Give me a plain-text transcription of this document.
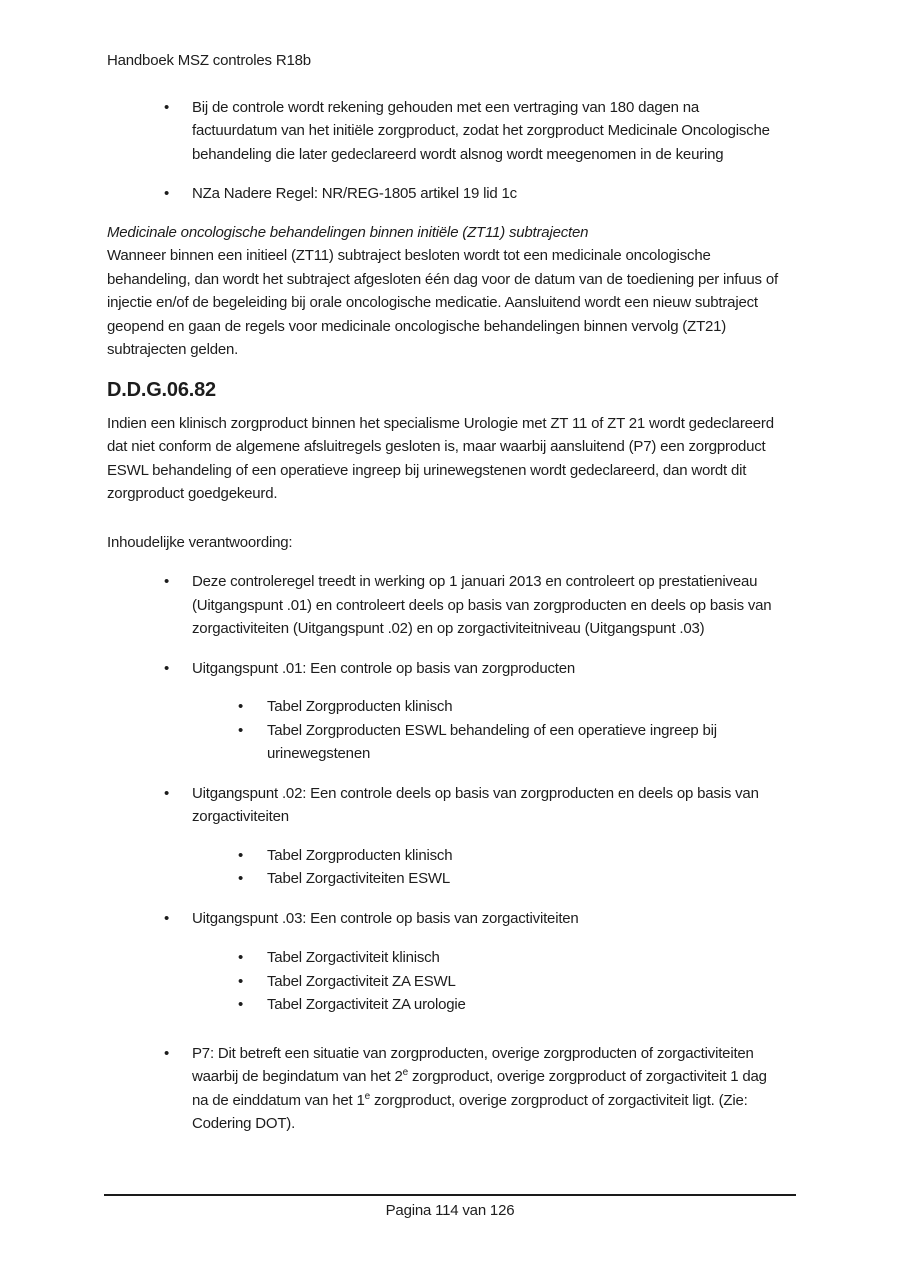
Handboek MSZ controles R18b
• Bij de controle wordt rekening gehouden met een vertraging van 180 dagen na factuurdatum van het initiële zorgproduct, zodat het zorgproduct Medicinale Oncologische behandeling die later gedeclareerd wordt alsnog wordt meegenomen in de keuring
• NZa Nadere Regel: NR/REG-1805 artikel 19 lid 1c
Medicinale oncologische behandelingen binnen initiële (ZT11) subtrajecten
Wanneer binnen een initieel (ZT11) subtraject besloten wordt tot een medicinale oncologische behandeling, dan wordt het subtraject afgesloten één dag voor de datum van de toediening per infuus of injectie en/of de begeleiding bij orale oncologische medicatie. Aansluitend wordt een nieuw subtraject geopend en gaan de regels voor medicinale oncologische behandelingen binnen vervolg (ZT21) subtrajecten gelden.
D.D.G.06.82
Indien een klinisch zorgproduct binnen het specialisme Urologie met ZT 11 of ZT 21 wordt gedeclareerd dat niet conform de algemene afsluitregels gesloten is, maar waarbij aansluitend (P7) een zorgproduct ESWL behandeling of een operatieve ingreep bij urinewegstenen wordt gedeclareerd, dan wordt dit zorgproduct goedgekeurd.
Inhoudelijke verantwoording:
• Deze controleregel treedt in werking op 1 januari 2013 en controleert op prestatieniveau (Uitgangspunt .01) en controleert deels op basis van zorgproducten en deels op basis van zorgactiviteiten (Uitgangspunt .02) en op zorgactiviteitniveau (Uitgangspunt .03)
• Uitgangspunt .01: Een controle op basis van zorgproducten
• Tabel Zorgproducten klinisch
• Tabel Zorgproducten ESWL behandeling of een operatieve ingreep bij urinewegstenen
• Uitgangspunt .02: Een controle deels op basis van zorgproducten en deels op basis van zorgactiviteiten
• Tabel Zorgproducten klinisch
• Tabel Zorgactiviteiten ESWL
• Uitgangspunt .03: Een controle op basis van zorgactiviteiten
• Tabel Zorgactiviteit klinisch
• Tabel Zorgactiviteit ZA ESWL
• Tabel Zorgactiviteit ZA urologie
• P7: Dit betreft een situatie van zorgproducten, overige zorgproducten of zorgactiviteiten waarbij de begindatum van het 2e zorgproduct, overige zorgproduct of zorgactiviteit 1 dag na de einddatum van het 1e zorgproduct, overige zorgproduct of zorgactiviteit ligt. (Zie: Codering DOT).
Pagina 114 van 126
